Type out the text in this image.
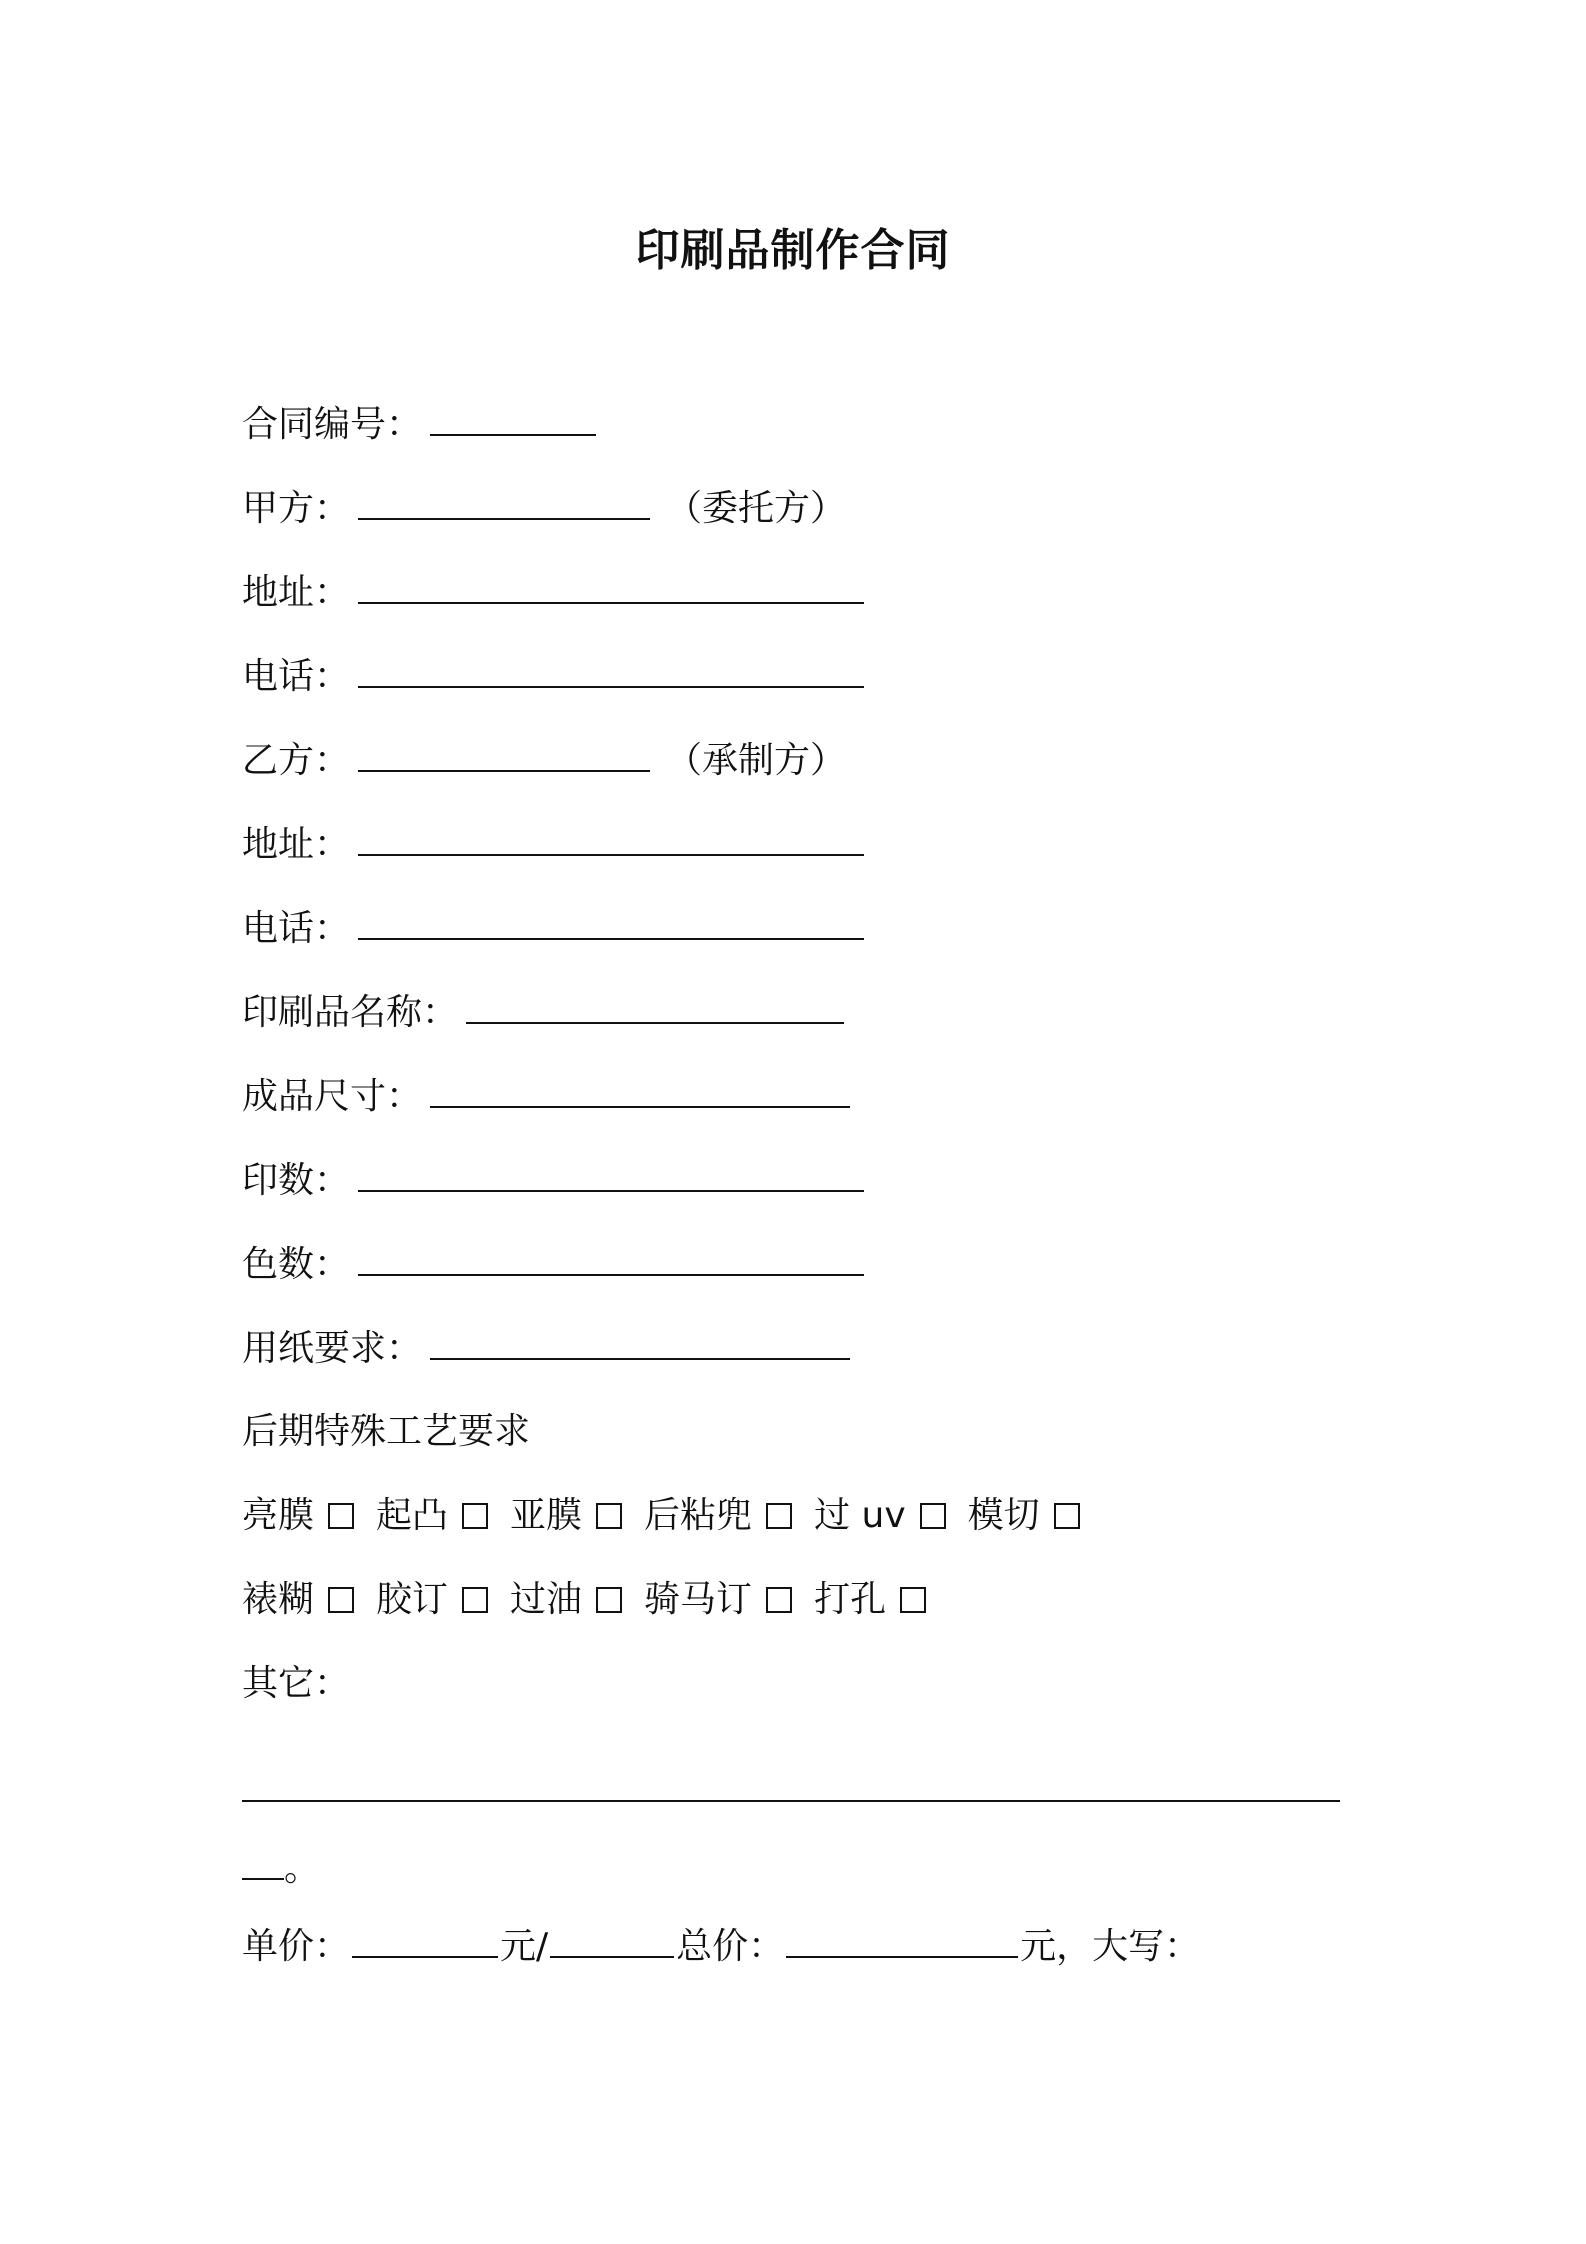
印刷品制作合同
合同编号：
甲方：	（委托方）
地址：
电话：
乙方：	（承制方）
地址：
电话：
印刷品名称：
成品尺寸：
印数：
色数：
用纸要求：
后期特殊工艺要求
亮膜 起凸 亚膜 后粘兜 过 uv 模切
裱糊 胶订 过油 骑马订 打孔
其它：
。
单价：	元/	总价：	元，大写：
